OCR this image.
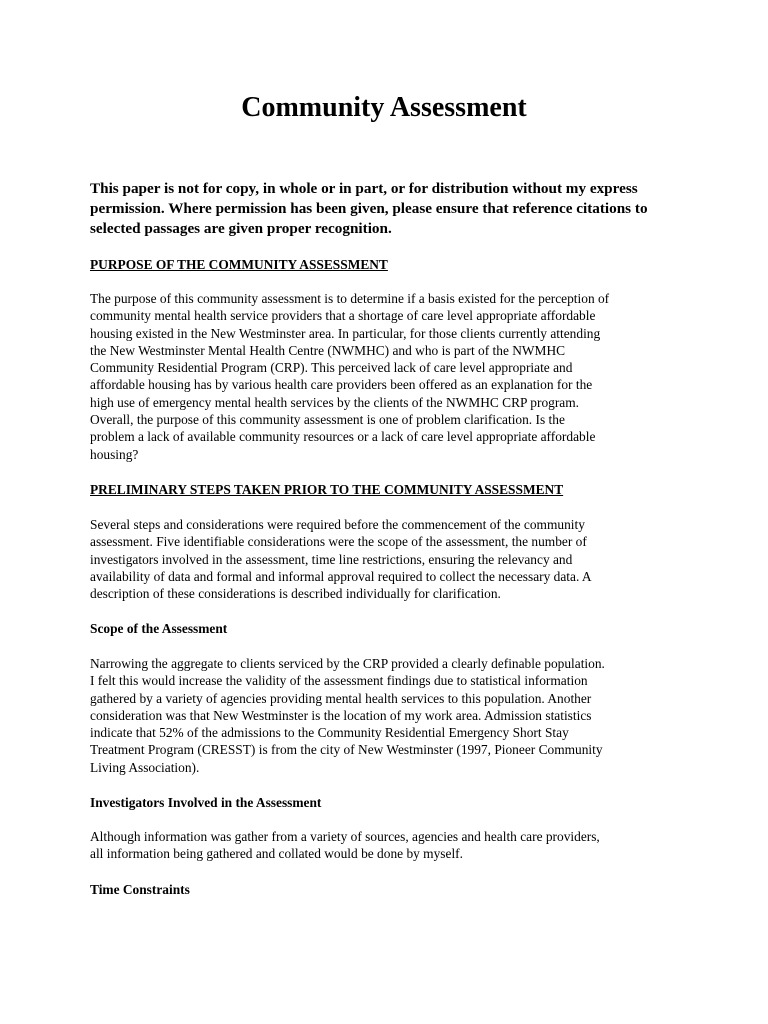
Community Assessment

This paper is not for copy, in whole or in part, or for distribution without my express permission. Where permission has been given, please ensure that reference citations to selected passages are given proper recognition.

PURPOSE OF THE COMMUNITY ASSESSMENT
The purpose of this community assessment is to determine if a basis existed for the perception of
community mental health service providers that a shortage of care level appropriate affordable
housing existed in the New Westminster area. In particular, for those clients currently attending
the New Westminster Mental Health Centre (NWMHC) and who is part of the NWMHC
Community Residential Program (CRP). This perceived lack of care level appropriate and
affordable housing has by various health care providers been offered as an explanation for the
high use of emergency mental health services by the clients of the NWMHC CRP program.
Overall, the purpose of this community assessment is one of problem clarification. Is the
problem a lack of available community resources or a lack of care level appropriate affordable
housing?
PRELIMINARY STEPS TAKEN PRIOR TO THE COMMUNITY ASSESSMENT
Several steps and considerations were required before the commencement of the community
assessment. Five identifiable considerations were the scope of the assessment, the number of
investigators involved in the assessment, time line restrictions, ensuring the relevancy and
availability of data and formal and informal approval required to collect the necessary data. A
description of these considerations is described individually for clarification.
Scope of the Assessment
Narrowing the aggregate to clients serviced by the CRP provided a clearly definable population.
I felt this would increase the validity of the assessment findings due to statistical information
gathered by a variety of agencies providing mental health services to this population. Another
consideration was that New Westminster is the location of my work area. Admission statistics
indicate that 52% of the admissions to the Community Residential Emergency Short Stay
Treatment Program (CRESST) is from the city of New Westminster (1997, Pioneer Community
Living Association).
Investigators Involved in the Assessment
Although information was gather from a variety of sources, agencies and health care providers,
all information being gathered and collated would be done by myself.
Time Constraints
